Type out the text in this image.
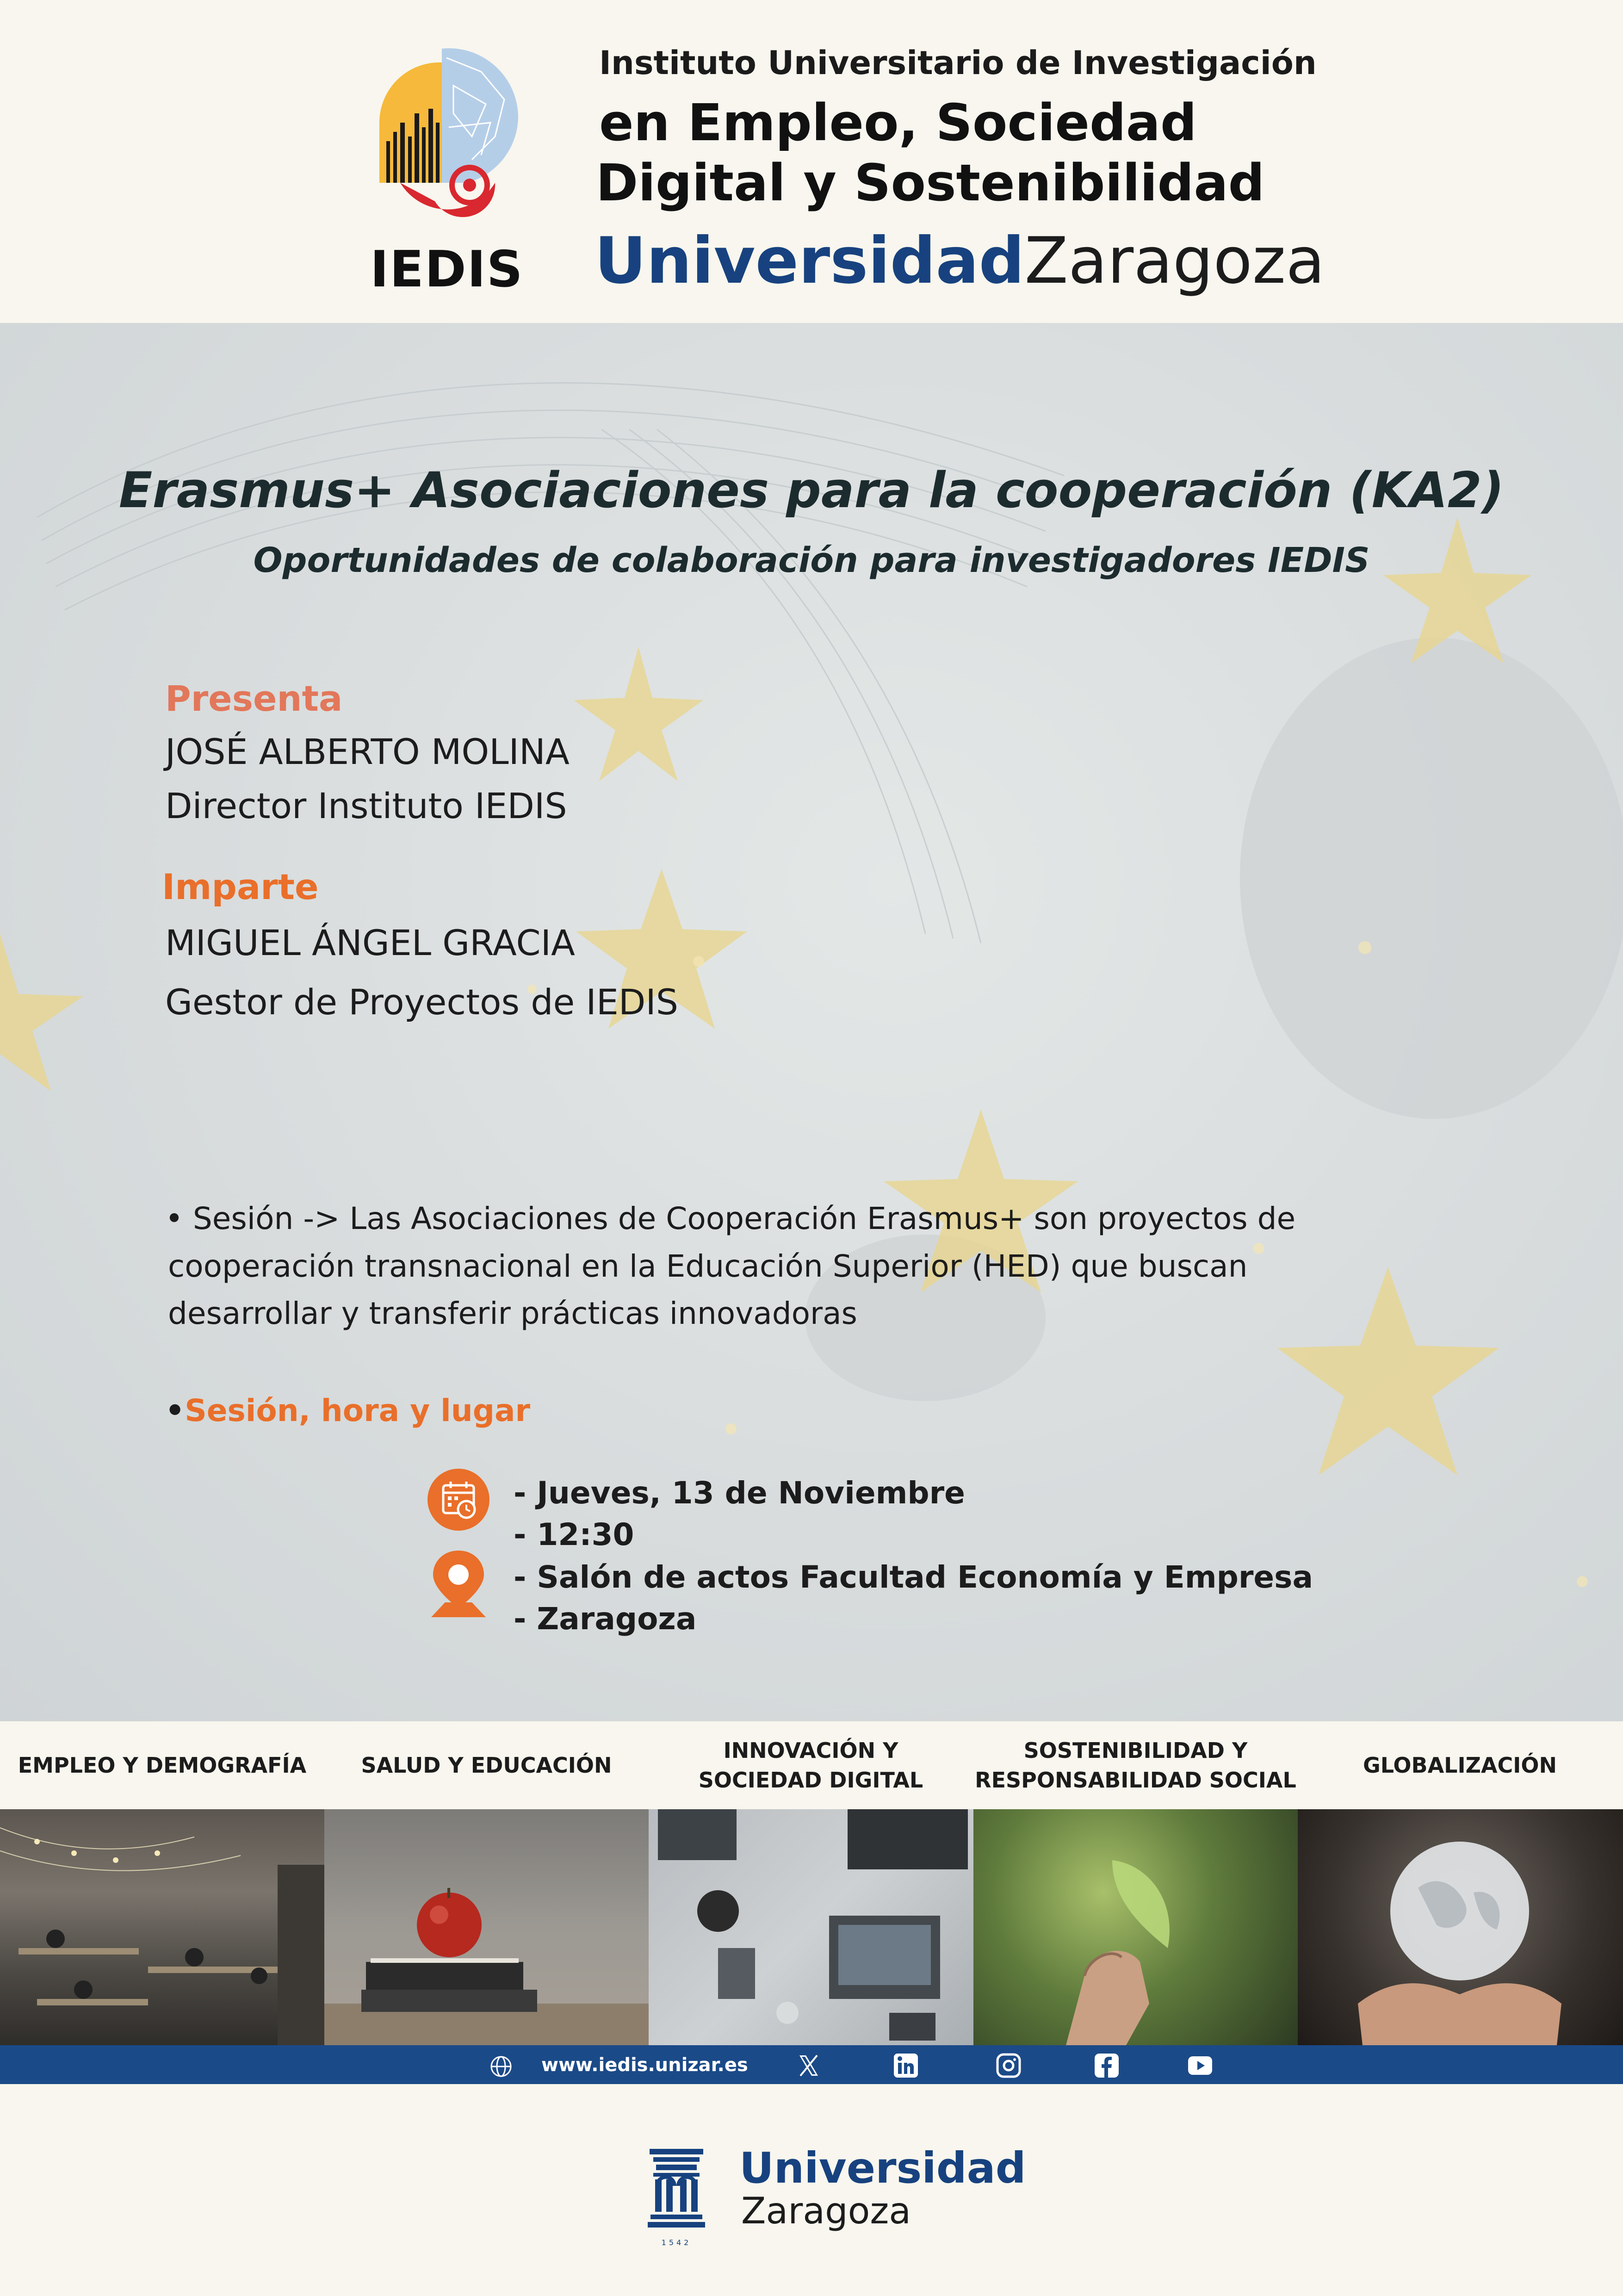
IEDIS
Instituto Universitario de Investigación
en Empleo, Sociedad
Digital y Sostenibilidad
UniversidadZaragoza
Erasmus+ Asociaciones para la cooperación (KA2)
Oportunidades de colaboración para investigadores IEDIS
Presenta
JOSÉ ALBERTO MOLINA
Director Instituto IEDIS
Imparte
MIGUEL ÁNGEL GRACIA
Gestor de Proyectos de IEDIS
• Sesión -> Las Asociaciones de Cooperación Erasmus+ son proyectos de
cooperación transnacional en la Educación Superior (HED) que buscan
desarrollar y transferir prácticas innovadoras
•Sesión, hora y lugar
- Jueves, 13 de Noviembre
- 12:30
- Salón de actos Facultad Economía y Empresa
- Zaragoza
EMPLEO Y DEMOGRAFÍA	SALUD Y EDUCACIÓN
INNOVACIÓN Y
SOCIEDAD DIGITAL
SOSTENIBILIDAD Y
RESPONSABILIDAD SOCIAL
GLOBALIZACIÓN
www.iedis.unizar.es
1542
Universidad
Zaragoza
